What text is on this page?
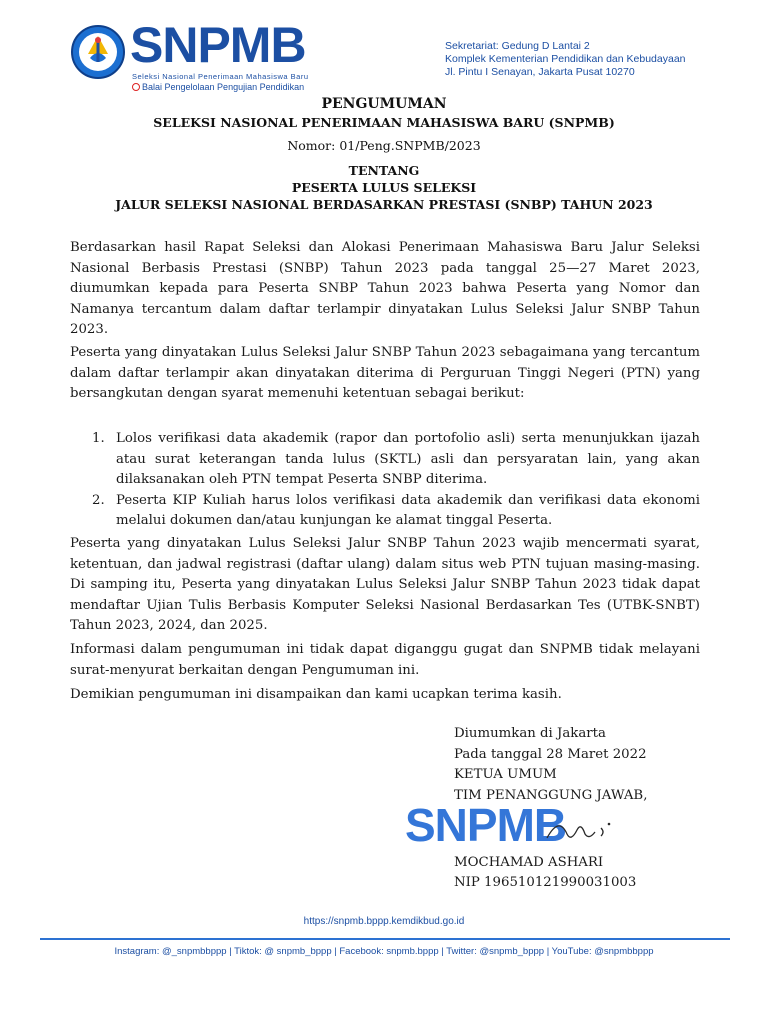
SNPMB
Seleksi Nasional Penerimaan Mahasiswa Baru
Balai Pengelolaan Pengujian Pendidikan
Sekretariat: Gedung D Lantai 2
Komplek Kementerian Pendidikan dan Kebudayaan
Jl. Pintu I Senayan, Jakarta Pusat 10270
PENGUMUMAN
SELEKSI NASIONAL PENERIMAAN MAHASISWA BARU (SNPMB)
Nomor: 01/Peng.SNPMB/2023
TENTANG
PESERTA LULUS SELEKSI
JALUR SELEKSI NASIONAL BERDASARKAN PRESTASI (SNBP) TAHUN 2023
Berdasarkan hasil Rapat Seleksi dan Alokasi Penerimaan Mahasiswa Baru Jalur Seleksi Nasional Berbasis Prestasi (SNBP) Tahun 2023 pada tanggal 25—27 Maret 2023, diumumkan kepada para Peserta SNBP Tahun 2023 bahwa Peserta yang Nomor dan Namanya tercantum dalam daftar terlampir dinyatakan Lulus Seleksi Jalur SNBP Tahun 2023.
Peserta yang dinyatakan Lulus Seleksi Jalur SNBP Tahun 2023 sebagaimana yang tercantum dalam daftar terlampir akan dinyatakan diterima di Perguruan Tinggi Negeri (PTN) yang bersangkutan dengan syarat memenuhi ketentuan sebagai berikut:
1. Lolos verifikasi data akademik (rapor dan portofolio asli) serta menunjukkan ijazah atau surat keterangan tanda lulus (SKTL) asli dan persyaratan lain, yang akan dilaksanakan oleh PTN tempat Peserta SNBP diterima.
2. Peserta KIP Kuliah harus lolos verifikasi data akademik dan verifikasi data ekonomi melalui dokumen dan/atau kunjungan ke alamat tinggal Peserta.
Peserta yang dinyatakan Lulus Seleksi Jalur SNBP Tahun 2023 wajib mencermati syarat, ketentuan, dan jadwal registrasi (daftar ulang) dalam situs web PTN tujuan masing-masing. Di samping itu, Peserta yang dinyatakan Lulus Seleksi Jalur SNBP Tahun 2023 tidak dapat mendaftar Ujian Tulis Berbasis Komputer Seleksi Nasional Berdasarkan Tes (UTBK-SNBT) Tahun 2023, 2024, dan 2025.
Informasi dalam pengumuman ini tidak dapat diganggu gugat dan SNPMB tidak melayani surat-menyurat berkaitan dengan Pengumuman ini.
Demikian pengumuman ini disampaikan dan kami ucapkan terima kasih.
Diumumkan di Jakarta
Pada tanggal 28 Maret 2022
KETUA UMUM
TIM PENANGGUNG JAWAB,
SNPMB
MOCHAMAD ASHARI
NIP 196510121990031003
https://snpmb.bppp.kemdikbud.go.id
Instagram: @_snpmbbppp | Tiktok: @ snpmb_bppp | Facebook: snpmb.bppp | Twitter: @snpmb_bppp | YouTube: @snpmbbppp
